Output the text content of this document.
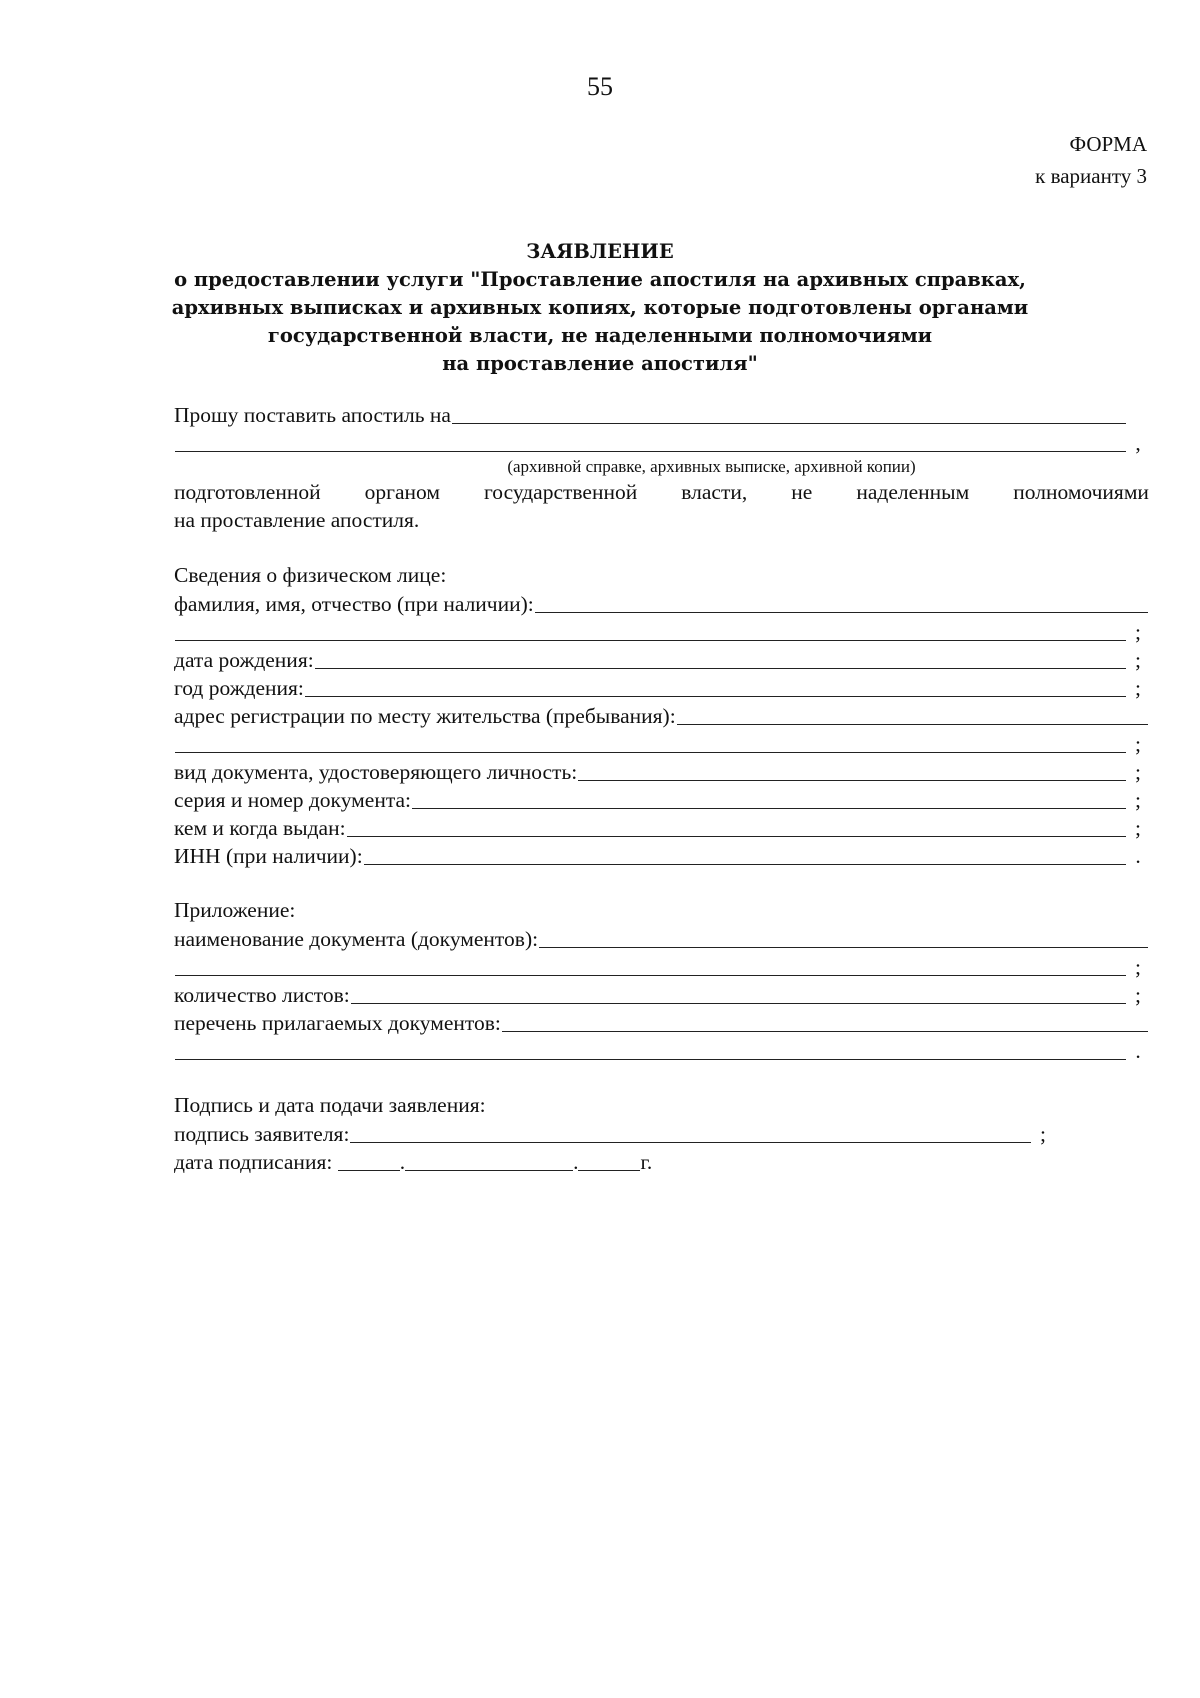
55
ФОРМА
к варианту 3
ЗАЯВЛЕНИЕ
о предоставлении услуги "Проставление апостиля на архивных справках,
архивных выписках и архивных копиях, которые подготовлены органами
государственной власти, не наделенными полномочиями
на проставление апостиля"
Прошу поставить апостиль на
,
(архивной справке, архивных выписке, архивной копии)
подготовленной органом государственной власти, не наделенным полномочиями
на проставление апостиля.
Сведения о физическом лице:
фамилия, имя, отчество (при наличии):
;
дата рождения:	;
год рождения:	;
адрес регистрации по месту жительства (пребывания):
;
вид документа, удостоверяющего личность:	;
серия и номер документа:	;
кем и когда выдан:	;
ИНН (при наличии):	.
Приложение:
наименование документа (документов):
;
количество листов:	;
перечень прилагаемых документов:
.
Подпись и дата подачи заявления:
подпись заявителя:	;
дата подписания:	.	.	г.
